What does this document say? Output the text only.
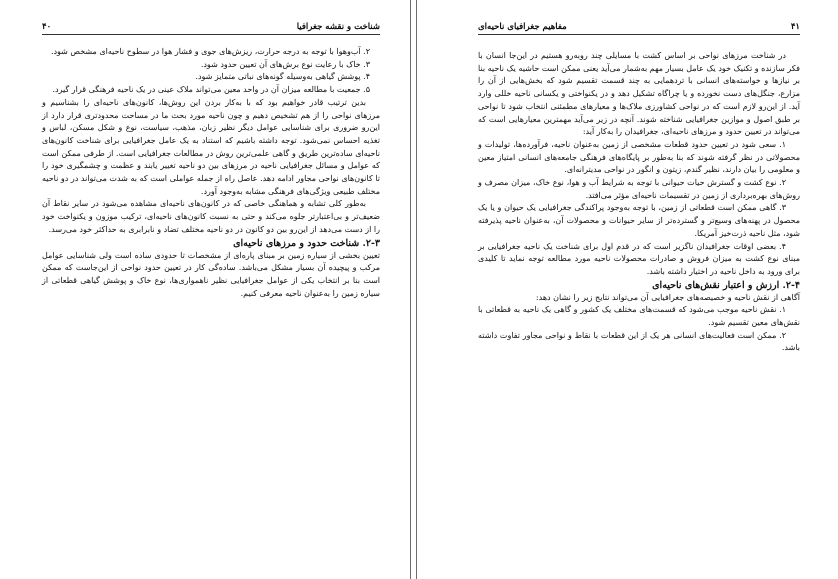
شناخت و نقشه جغرافیا
۴۰

۲. آب‌وهوا با توجه به درجه حرارت، ریزش‌های جوی و فشار هوا در سطوح ناحیه‌ای مشخص شود.

۳. خاک با رعایت نوع برش‌های آن تعیین حدود شود.

۴. پوشش گیاهی به‌وسیله گونه‌های نباتی متمایز شود.

۵. جمعیت با مطالعه میزان آن در واحد معین می‌تواند ملاک عینی در یک ناحیه فرهنگی قرار گیرد.

بدین ترتیب قادر خواهیم بود که با به‌کار بردن این روش‌ها، کانون‌های ناحیه‌ای را بشناسیم و مرزهای نواحی را از هم تشخیص دهیم و چون ناحیه مورد بحث ما در مساحت محدودتری قرار دارد از این‌رو ضروری برای شناسایی عوامل دیگر نظیر زبان، مذهب، سیاست، نوع و شکل مسکن، لباس و تغذیه احساس نمی‌شود. توجه داشته باشیم که استناد به یک عامل جغرافیایی برای شناخت کانون‌های ناحیه‌ای ساده‌ترین طریق و گاهی علمی‌ترین روش در مطالعات جغرافیایی است. از طرفی ممکن است که عوامل و مسائل جغرافیایی ناحیه در مرزهای بین دو ناحیه تغییر یابند و عظمت و چشمگیری خود را تا کانون‌های نواحی مجاور ادامه دهد. عاصل راه از جمله عواملی است که به شدت می‌تواند در دو ناحیه مختلف طبیعی ویژگی‌های فرهنگی مشابه به‌وجود آورد.

به‌طور کلی تشابه و هماهنگی خاصی که در کانون‌های ناحیه‌ای مشاهده می‌شود در سایر نقاط آن ضعیف‌تر و بی‌اعتبارتر جلوه می‌کند و حتی به نسبت کانون‌های ناحیه‌ای، ترکیب موزون و یکنواخت خود را از دست می‌دهد از این‌رو بین دو کانون در دو ناحیه مختلف تضاد و نابرابری به حداکثر خود می‌رسد.

۲-۳. شناخت حدود و مرزهای ناحیه‌ای

تعیین بخشی از سیاره زمین بر مبنای پاره‌ای از مشخصات تا حدودی ساده است ولی شناسایی عوامل مرکب و پیچیده آن بسیار مشکل می‌باشد. ساده‌گی کار در تعیین حدود نواحی از این‌جاست که ممکن است بنا بر انتخاب یکی از عوامل جغرافیایی نظیر ناهمواری‌ها، نوع خاک و پوشش گیاهی قطعاتی از سیاره زمین را به‌عنوان ناحیه معرفی کنیم.

۴۱
مفاهیم جغرافیای ناحیه‌ای

در شناخت مرزهای نواحی بر اساس کشت با مسایلی چند روبه‌رو هستیم در این‌جا انسان با فکر سازنده و تکنیک خود یک عامل بسیار مهم به‌شمار می‌آید یعنی ممکن است حاشیه یک ناحیه بنا بر نیازها و خواسته‌های انسانی با تردهمایی به چند قسمت تقسیم شود که بخش‌هایی از آن را مزارع، جنگل‌های دست نخورده و یا چراگاه تشکیل دهد و در یکنواختی و یکسانی ناحیه خللی وارد آید. از این‌رو لازم است که در نواحی کشاورزی ملاک‌ها و معیارهای مطمئنی انتخاب شود تا نواحی بر طبق اصول و موازین جغرافیایی شناخته شوند. آنچه در زیر می‌آید مهمترین معیارهایی است که می‌تواند در تعیین حدود و مرزهای ناحیه‌ای، جغرافیدان را به‌کار آید:

۱. سعی شود در تعیین حدود قطعات مشخصی از زمین به‌عنوان ناحیه، فرآورده‌ها، تولیدات و محصولاتی در نظر گرفته شوند که بنا به‌طور بر پایگاه‌های فرهنگی جامعه‌های انسانی امتیاز معین و معلومی را بیان دارند، نظیر گندم، زیتون و انگور در نواحی مدیترانه‌ای.

۲. نوع کشت و گسترش حیات حیوانی با توجه به شرایط آب و هوا، نوع خاک، میزان مصرف و روش‌های بهره‌برداری از زمین در تقسیمات ناحیه‌ای مؤثر می‌افتد.

۳. گاهی ممکن است قطعاتی از زمین، با توجه به‌وجود پراکندگی جغرافیایی یک حیوان و یا یک محصول در پهنه‌های وسیع‌تر و گسترده‌تر از سایر حیوانات و محصولات آن، به‌عنوان ناحیه پذیرفته شود، مثل ناحیه ذرت‌خیز آمریکا.

۴. بعضی اوقات جغرافیدان ناگزیر است که در قدم اول برای شناخت یک ناحیه جغرافیایی بر مبنای نوع کشت به میزان فروش و صادرات محصولات ناحیه مورد مطالعه توجه نماید تا کلیدی برای ورود به داخل ناحیه در اختیار داشته باشد.

۲-۴. ارزش و اعتبار نقش‌های ناحیه‌ای

آگاهی از نقش ناحیه و خصیصه‌های جغرافیایی آن می‌تواند نتایج زیر را نشان دهد:

۱. نقش ناحیه موجب می‌شود که قسمت‌های مختلف یک کشور و گاهی یک ناحیه به قطعاتی با نقش‌های معین تقسیم شود.

۲. ممکن است فعالیت‌های انسانی هر یک از این قطعات با نقاط و نواحی مجاور تفاوت داشته باشد.
